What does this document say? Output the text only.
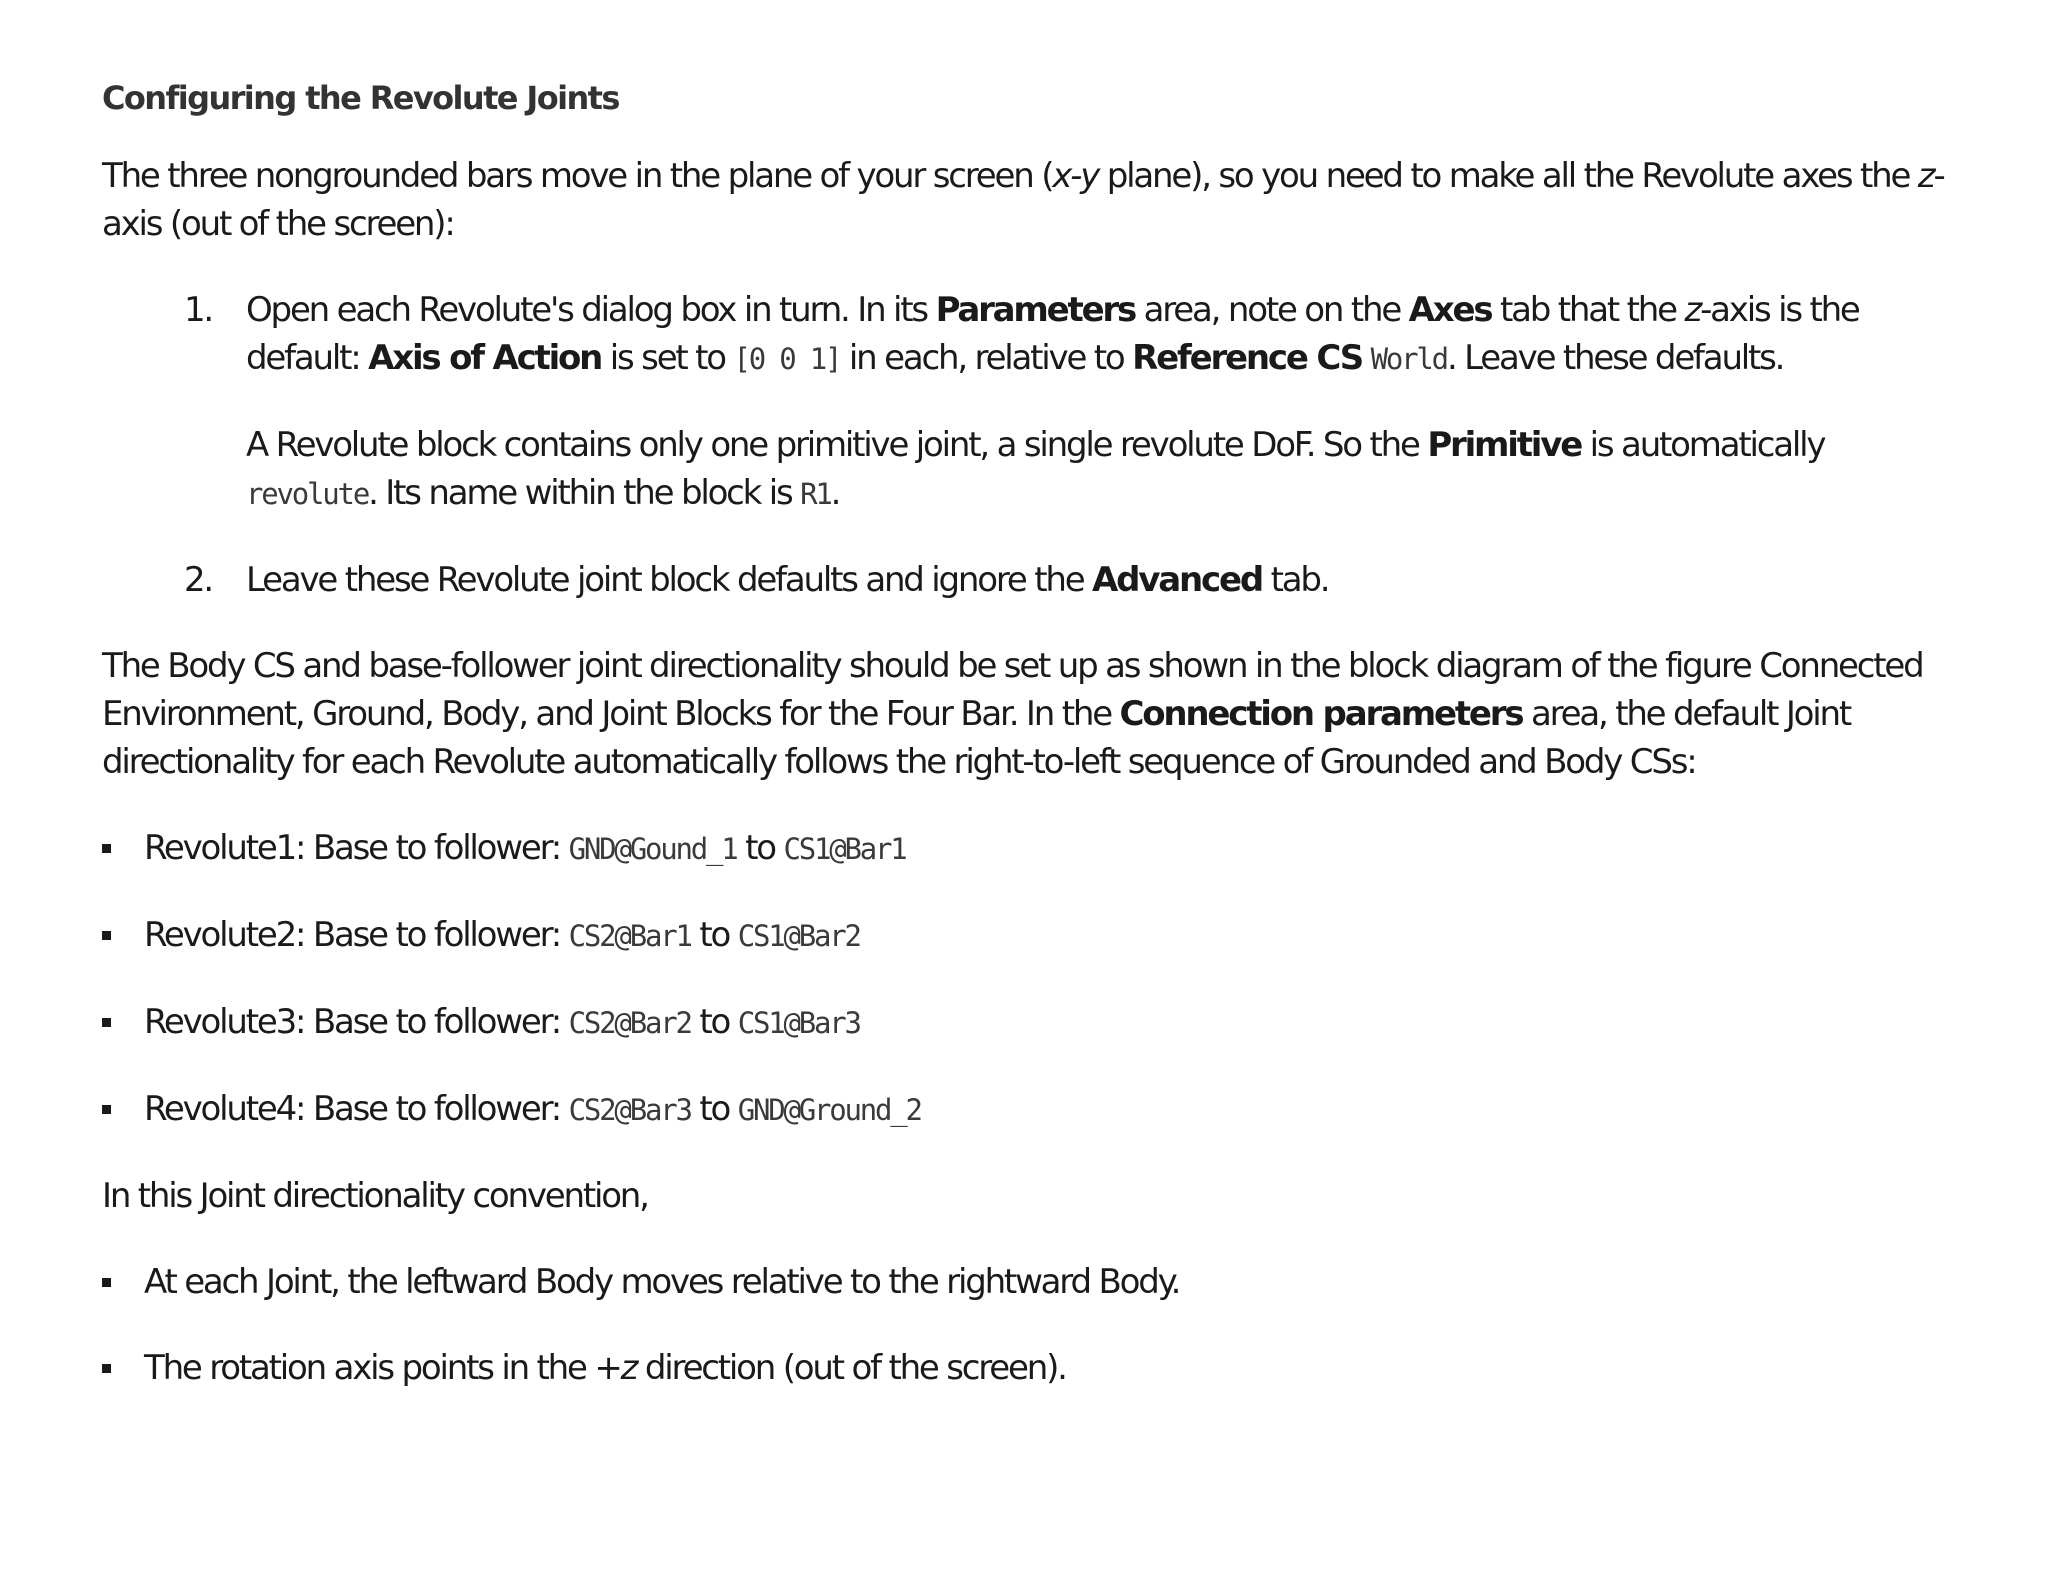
Configuring the Revolute Joints

The three nongrounded bars move in the plane of your screen (x-y plane), so you need to make all the Revolute axes the z-axis (out of the screen):

1. Open each Revolute's dialog box in turn. In its Parameters area, note on the Axes tab that the z-axis is the default: Axis of Action is set to [0 0 1] in each, relative to Reference CS World. Leave these defaults.

A Revolute block contains only one primitive joint, a single revolute DoF. So the Primitive is automatically revolute. Its name within the block is R1.

2. Leave these Revolute joint block defaults and ignore the Advanced tab.

The Body CS and base-follower joint directionality should be set up as shown in the block diagram of the figure Connected Environment, Ground, Body, and Joint Blocks for the Four Bar. In the Connection parameters area, the default Joint directionality for each Revolute automatically follows the right-to-left sequence of Grounded and Body CSs:

Revolute1: Base to follower: GND@Gound_1 to CS1@Bar1
Revolute2: Base to follower: CS2@Bar1 to CS1@Bar2
Revolute3: Base to follower: CS2@Bar2 to CS1@Bar3
Revolute4: Base to follower: CS2@Bar3 to GND@Ground_2

In this Joint directionality convention,

At each Joint, the leftward Body moves relative to the rightward Body.
The rotation axis points in the +z direction (out of the screen).
